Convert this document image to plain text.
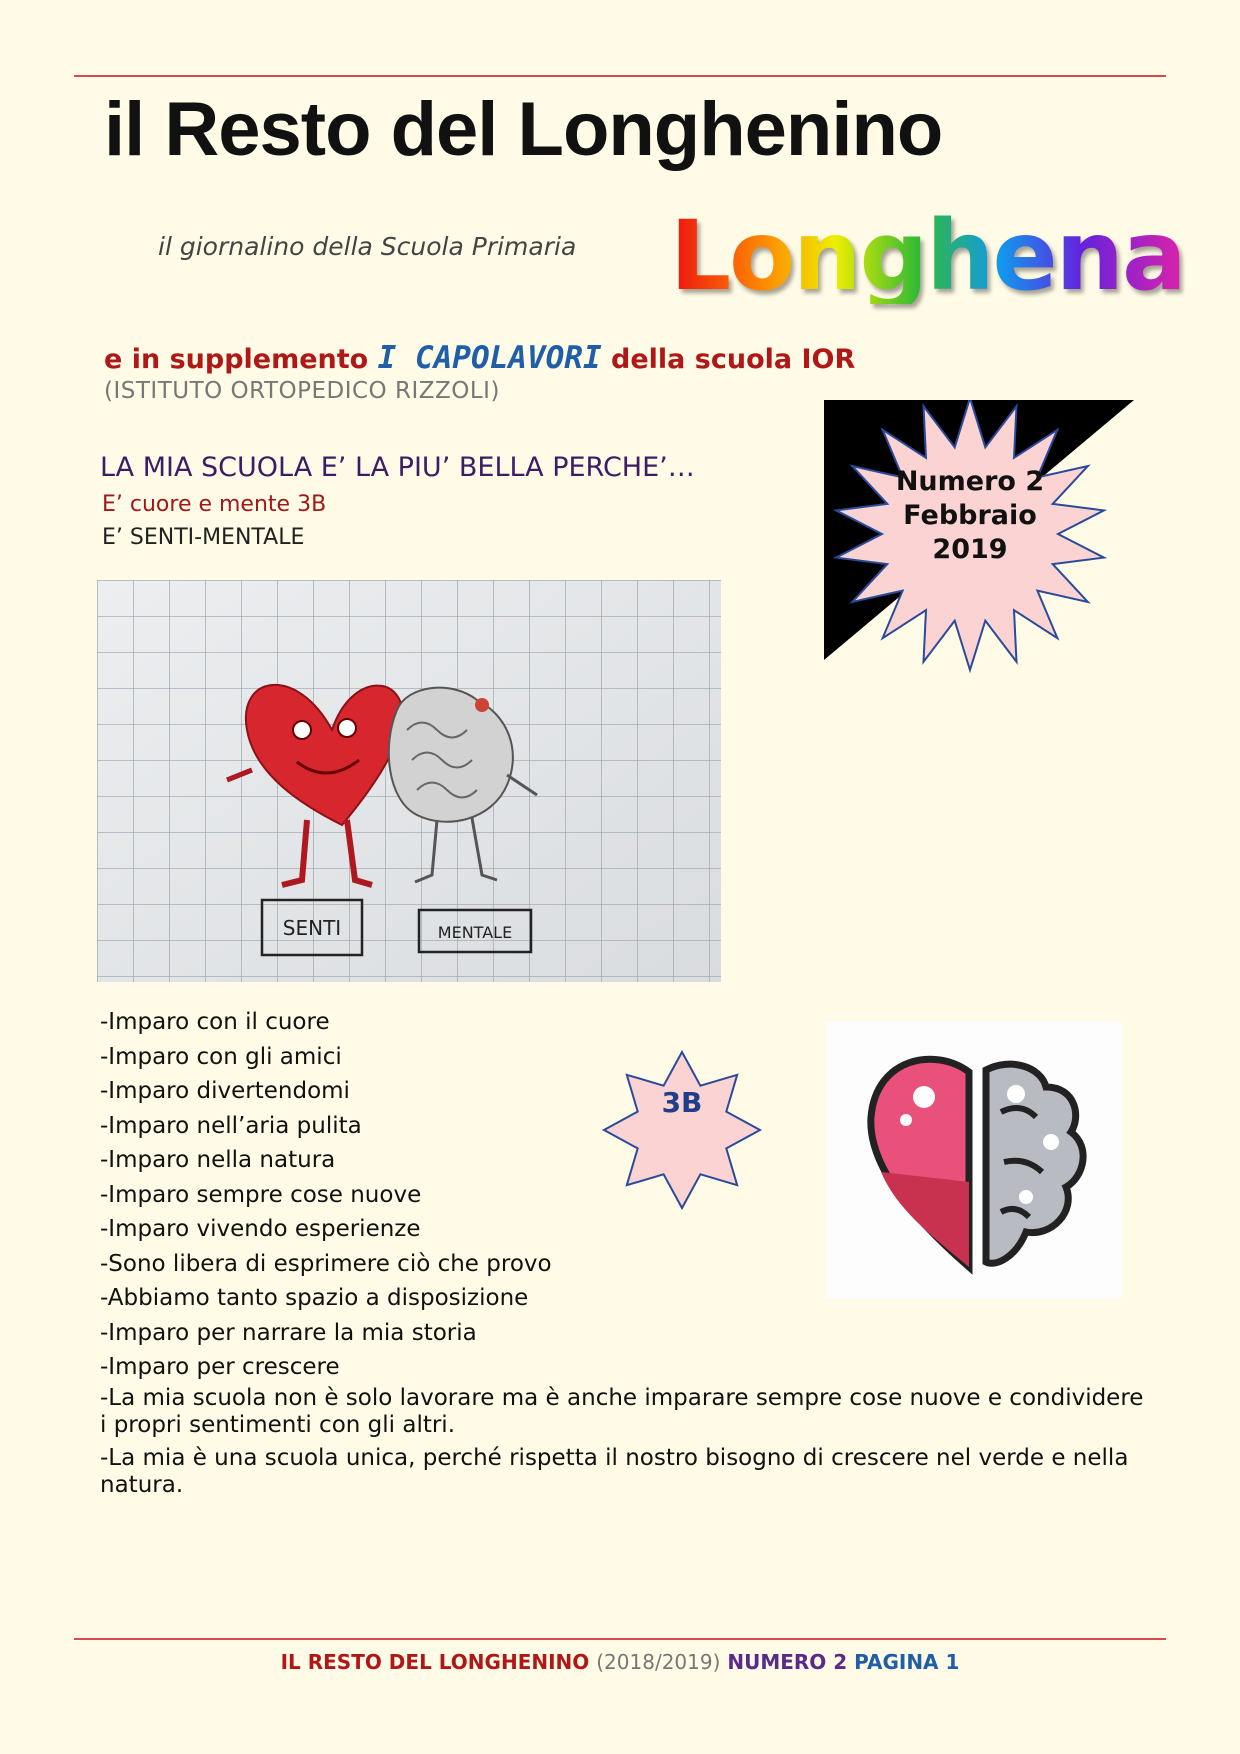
il Resto del Longhenino
il giornalino della Scuola Primaria Longhena
e in supplemento I CAPOLAVORI della scuola IOR
(ISTITUTO ORTOPEDICO RIZZOLI)
Numero 2
Febbraio
2019
LA MIA SCUOLA E’ LA PIU’ BELLA PERCHE’…
E’ cuore e mente 3B
E’ SENTI-MENTALE
SENTI	MENTALE
-Imparo con il cuore
-Imparo con gli amici
-Imparo divertendomi
-Imparo nell’aria pulita
-Imparo nella natura
-Imparo sempre cose nuove
-Imparo vivendo esperienze
-Sono libera di esprimere ciò che provo
-Abbiamo tanto spazio a disposizione
-Imparo per narrare la mia storia
-Imparo per crescere
-La mia scuola non è solo lavorare ma è anche imparare sempre cose nuove e condividere i propri sentimenti con gli altri.
-La mia è una scuola unica, perché rispetta il nostro bisogno di crescere nel verde e nella natura.
3B
IL RESTO DEL LONGHENINO (2018/2019) NUMERO 2 PAGINA 1
